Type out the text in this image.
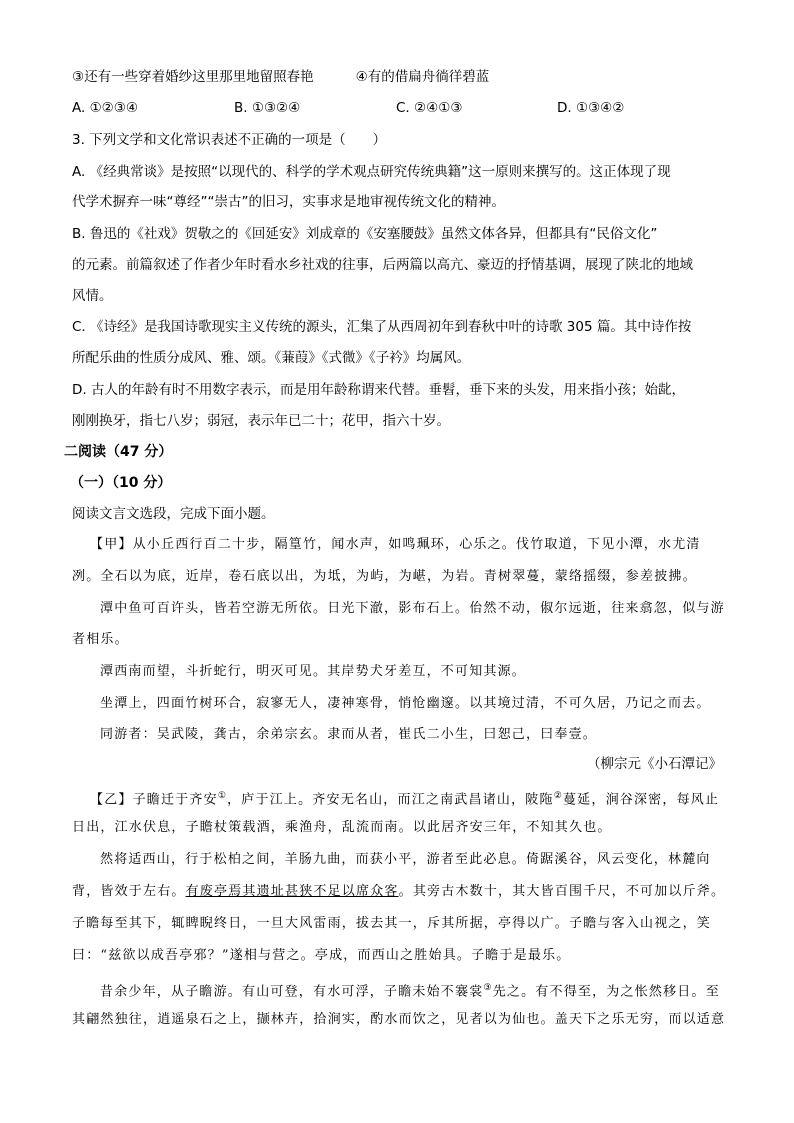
③还有一些穿着婚纱这里那里地留照春艳	④有的借扁舟徜徉碧蓝
A. ①②③④	B. ①③②④	C. ②④①③	D. ①③④②
3. 下列文学和文化常识表述不正确的一项是（　　）
A. 《经典常谈》是按照“以现代的、科学的学术观点研究传统典籍”这一原则来撰写的。这正体现了现
代学术摒弃一味“尊经”“崇古”的旧习，实事求是地审视传统文化的精神。
B. 鲁迅的《社戏》贺敬之的《回延安》刘成章的《安塞腰鼓》虽然文体各异，但都具有“民俗文化”
的元素。前篇叙述了作者少年时看水乡社戏的往事，后两篇以高亢、豪迈的抒情基调，展现了陕北的地域
风情。
C. 《诗经》是我国诗歌现实主义传统的源头，汇集了从西周初年到春秋中叶的诗歌 305 篇。其中诗作按
所配乐曲的性质分成风、雅、颂。《蒹葭》《式微》《子衿》均属风。
D. 古人的年龄有时不用数字表示，而是用年龄称谓来代替。垂髫，垂下来的头发，用来指小孩；始龀，
刚刚换牙，指七八岁；弱冠，表示年已二十；花甲，指六十岁。
二阅读（47 分）
（一）（10 分）
阅读文言文选段，完成下面小题。
【甲】从小丘西行百二十步，隔篁竹，闻水声，如鸣珮环，心乐之。伐竹取道，下见小潭，水尤清
冽。全石以为底，近岸，卷石底以出，为坻，为屿，为嵁，为岩。青树翠蔓，蒙络摇缀，参差披拂。
潭中鱼可百许头，皆若空游无所依。日光下澈，影布石上。佁然不动，俶尔远逝，往来翕忽，似与游
者相乐。
潭西南而望，斗折蛇行，明灭可见。其岸势犬牙差互，不可知其源。
坐潭上，四面竹树环合，寂寥无人，凄神寒骨，悄怆幽邃。以其境过清，不可久居，乃记之而去。
同游者：吴武陵，龚古，余弟宗玄。隶而从者，崔氏二小生，曰恕己，曰奉壹。
（柳宗元《小石潭记》
【乙】子瞻迁于齐安①，庐于江上。齐安无名山，而江之南武昌诸山，陂陁②蔓延，涧谷深密，每风止
日出，江水伏息，子瞻杖策载酒，乘渔舟，乱流而南。以此居齐安三年，不知其久也。
然将适西山，行于松柏之间，羊肠九曲，而获小平，游者至此必息。倚踞溪谷，风云变化，林麓向
背，皆效于左右。有废亭焉其遗址甚狭不足以席众客。其旁古木数十，其大皆百围千尺，不可加以斤斧。
子瞻每至其下，辄睥睨终日，一旦大风雷雨，拔去其一，斥其所据，亭得以广。子瞻与客入山视之，笑
曰：“兹欲以成吾亭邪？”遂相与营之。亭成，而西山之胜始具。子瞻于是最乐。
昔余少年，从子瞻游。有山可登，有水可浮，子瞻未始不褰裳③先之。有不得至，为之怅然移日。至
其翩然独往，逍遥泉石之上，撷林卉，拾涧实，酌水而饮之，见者以为仙也。盖天下之乐无穷，而以适意
